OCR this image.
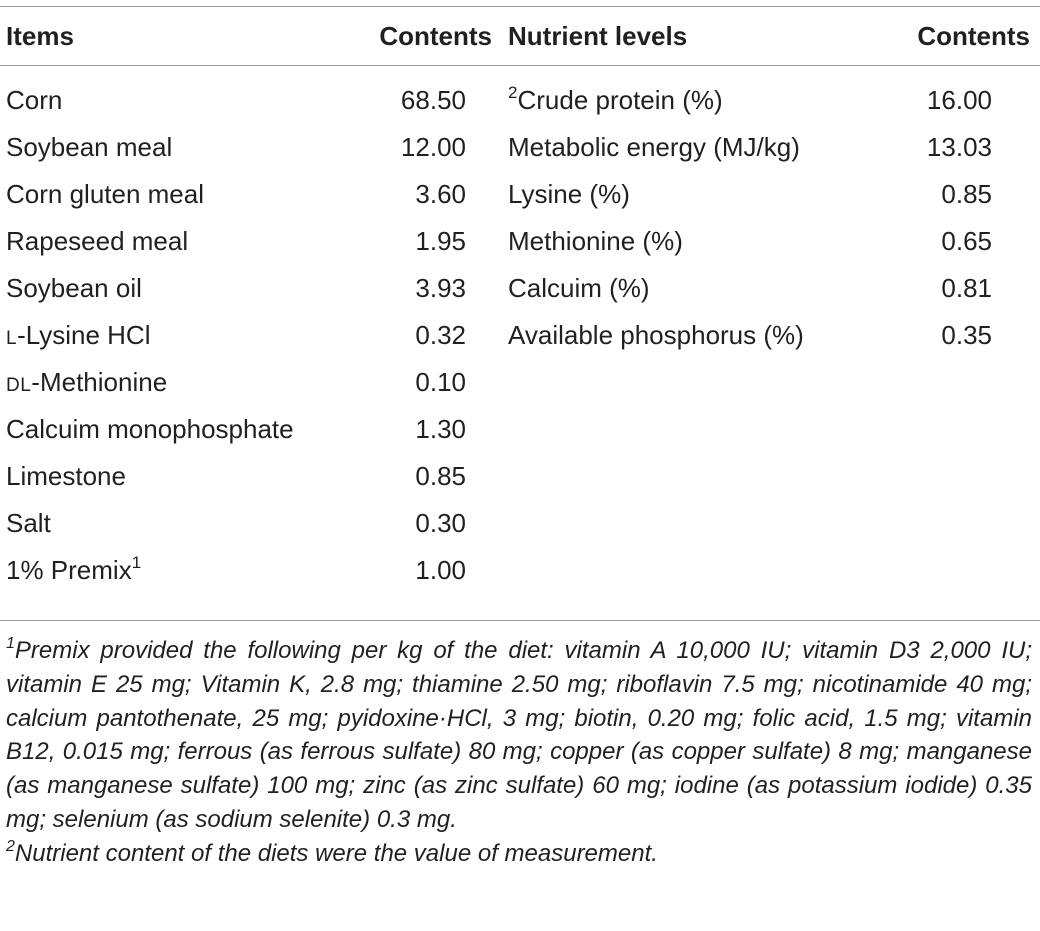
Items	Contents	Nutrient levels	Contents
Corn	68.50	$^2$Crude protein (%)	16.00
Soybean meal	12.00	Metabolic energy (MJ/kg)	13.03
Corn gluten meal	3.60	Lysine (%)	0.85
Rapeseed meal	1.95	Methionine (%)	0.65
Soybean oil	3.93	Calcuim (%)	0.81
L-Lysine HCl	0.32	Available phosphorus (%)	0.35
DL-Methionine	0.10		
Calcuim monophosphate	1.30		
Limestone	0.85		
Salt	0.30		
1% Premix$^1$	1.00		

$^1$Premix provided the following per kg of the diet: vitamin A 10,000 IU; vitamin D3 2,000 IU; vitamin E 25 mg; Vitamin K, 2.8 mg; thiamine 2.50 mg; riboflavin 7.5 mg; nicotinamide 40 mg; calcium pantothenate, 25 mg; pyidoxine·HCl, 3 mg; biotin, 0.20 mg; folic acid, 1.5 mg; vitamin B12, 0.015 mg; ferrous (as ferrous sulfate) 80 mg; copper (as copper sulfate) 8 mg; manganese (as manganese sulfate) 100 mg; zinc (as zinc sulfate) 60 mg; iodine (as potassium iodide) 0.35 mg; selenium (as sodium selenite) 0.3 mg.

$^2$Nutrient content of the diets were the value of measurement.
